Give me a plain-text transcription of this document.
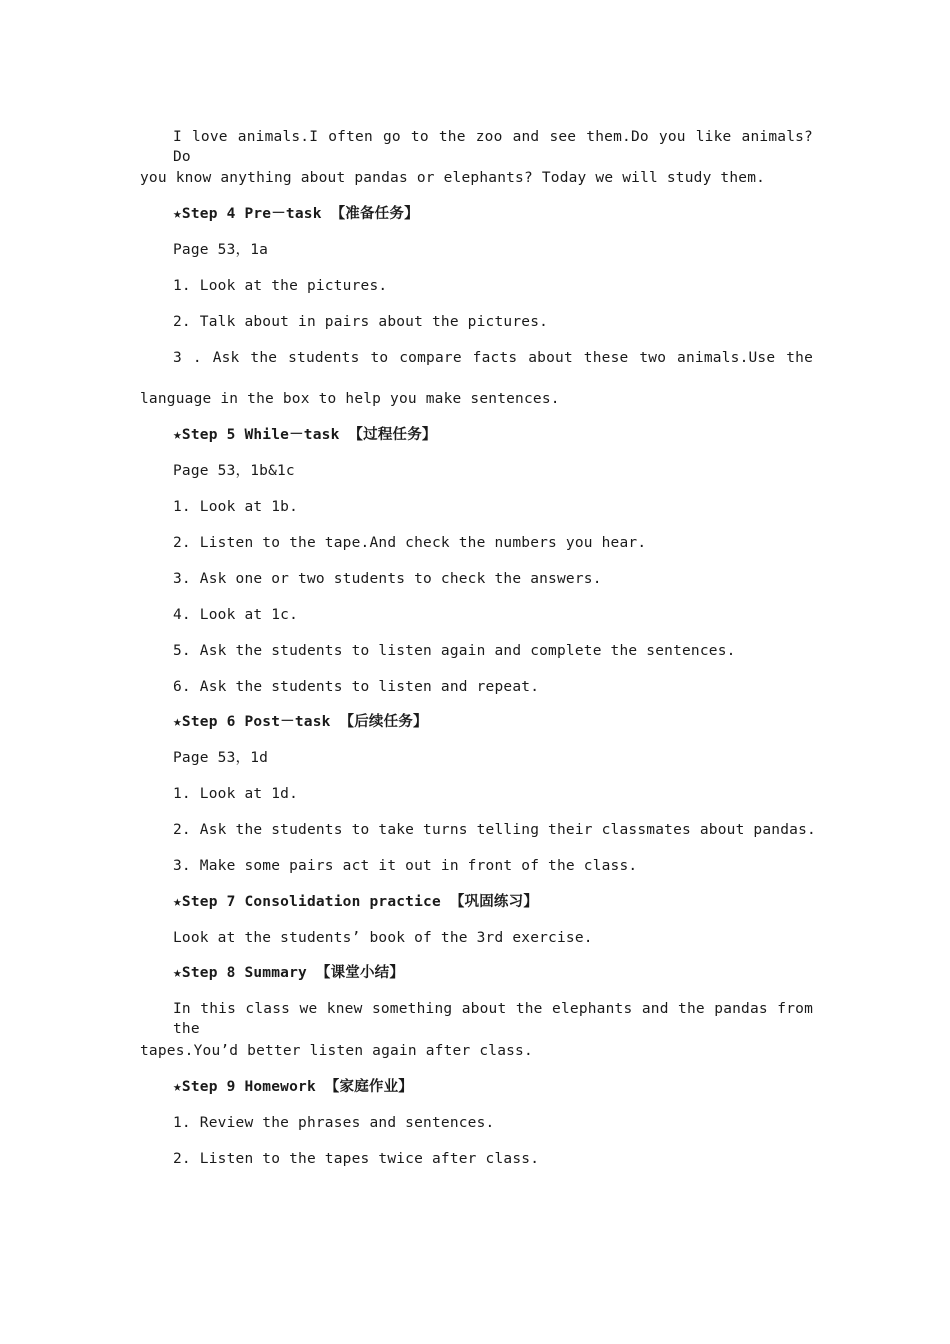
I love animals.I often go to the zoo and see them.Do you like animals? Do
you know anything about pandas or elephants? Today we will study them.
★Step 4 Pre－task 【准备任务】
Page 53，1a
1. Look at the pictures.
2. Talk about in pairs about the pictures.
3 . Ask the students to compare facts about these two animals.Use the
language in the box to help you make sentences.
★Step 5 While－task 【过程任务】
Page 53，1b&1c
1. Look at 1b.
2. Listen to the tape.And check the numbers you hear.
3. Ask one or two students to check the answers.
4. Look at 1c.
5. Ask the students to listen again and complete the sentences.
6. Ask the students to listen and repeat.
★Step 6 Post－task 【后续任务】
Page 53，1d
1. Look at 1d.
2. Ask the students to take turns telling their classmates about pandas.
3. Make some pairs act it out in front of the class.
★Step 7 Consolidation practice 【巩固练习】
Look at the students’ book of the 3rd exercise.
★Step 8 Summary 【课堂小结】
In this class we knew something about the elephants and the pandas from the
tapes.You’d better listen again after class.
★Step 9 Homework 【家庭作业】
1. Review the phrases and sentences.
2. Listen to the tapes twice after class.
